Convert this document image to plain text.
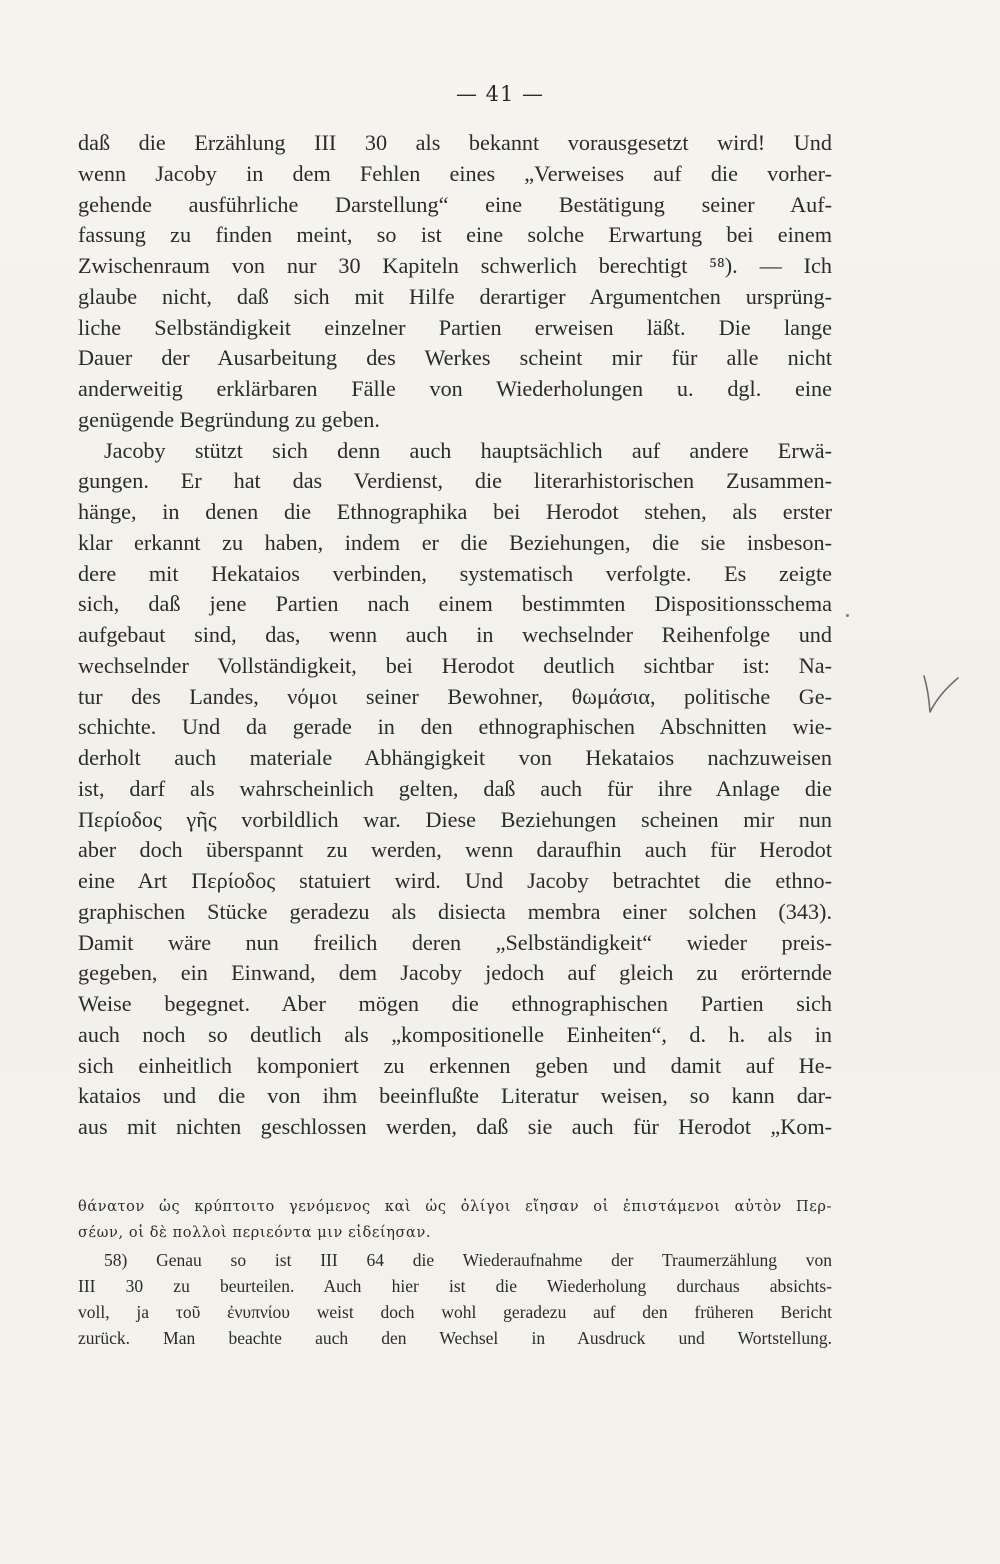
— 41 —
daß die Erzählung III 30 als bekannt vorausgesetzt wird! Und
wenn Jacoby in dem Fehlen eines „Verweises auf die vorher-
gehende ausführliche Darstellung“ eine Bestätigung seiner Auf-
fassung zu finden meint, so ist eine solche Erwartung bei einem
Zwischenraum von nur 30 Kapiteln schwerlich berechtigt ⁵⁸). — Ich
glaube nicht, daß sich mit Hilfe derartiger Argumentchen ursprüng-
liche Selbständigkeit einzelner Partien erweisen läßt. Die lange
Dauer der Ausarbeitung des Werkes scheint mir für alle nicht
anderweitig erklärbaren Fälle von Wiederholungen u. dgl. eine
genügende Begründung zu geben.
Jacoby stützt sich denn auch hauptsächlich auf andere Erwä-
gungen. Er hat das Verdienst, die literarhistorischen Zusammen-
hänge, in denen die Ethnographika bei Herodot stehen, als erster
klar erkannt zu haben, indem er die Beziehungen, die sie insbeson-
dere mit Hekataios verbinden, systematisch verfolgte. Es zeigte
sich, daß jene Partien nach einem bestimmten Dispositionsschema
aufgebaut sind, das, wenn auch in wechselnder Reihenfolge und
wechselnder Vollständigkeit, bei Herodot deutlich sichtbar ist: Na-
tur des Landes, νόμοι seiner Bewohner, θωμάσια, politische Ge-
schichte. Und da gerade in den ethnographischen Abschnitten wie-
derholt auch materiale Abhängigkeit von Hekataios nachzuweisen
ist, darf als wahrscheinlich gelten, daß auch für ihre Anlage die
Περίοδος γῆς vorbildlich war. Diese Beziehungen scheinen mir nun
aber doch überspannt zu werden, wenn daraufhin auch für Herodot
eine Art Περίοδος statuiert wird. Und Jacoby betrachtet die ethno-
graphischen Stücke geradezu als disiecta membra einer solchen (343).
Damit wäre nun freilich deren „Selbständigkeit“ wieder preis-
gegeben, ein Einwand, dem Jacoby jedoch auf gleich zu erörternde
Weise begegnet. Aber mögen die ethnographischen Partien sich
auch noch so deutlich als „kompositionelle Einheiten“, d. h. als in
sich einheitlich komponiert zu erkennen geben und damit auf He-
kataios und die von ihm beeinflußte Literatur weisen, so kann dar-
aus mit nichten geschlossen werden, daß sie auch für Herodot „Kom-
θάνατον ὡς κρύπτοιτο γενόμενος καὶ ὡς ὀλίγοι εἴησαν οἱ ἐπιστάμενοι αὐτὸν Περ-
σέων, οἱ δὲ πολλοὶ περιεόντα μιν εἰδείησαν.
58) Genau so ist III 64 die Wiederaufnahme der Traumerzählung von
III 30 zu beurteilen. Auch hier ist die Wiederholung durchaus absichts-
voll, ja τοῦ ἐνυπνίου weist doch wohl geradezu auf den früheren Bericht
zurück. Man beachte auch den Wechsel in Ausdruck und Wortstellung.
